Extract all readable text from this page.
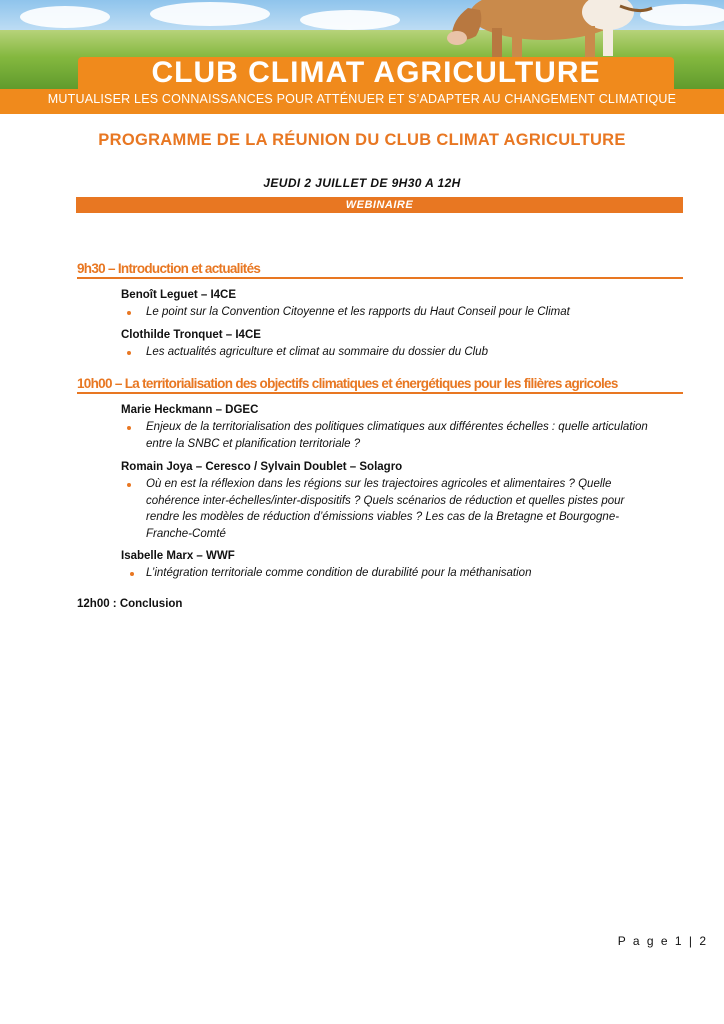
CLUB CLIMAT AGRICULTURE
MUTUALISER LES CONNAISSANCES POUR ATTÉNUER ET S’ADAPTER AU CHANGEMENT CLIMATIQUE
PROGRAMME DE LA RÉUNION DU CLUB CLIMAT AGRICULTURE
JEUDI 2 JUILLET DE 9H30 A 12H
WEBINAIRE
9h30 – Introduction et actualités
Benoît Leguet – I4CE
Le point sur la Convention Citoyenne et les rapports du Haut Conseil pour le Climat
Clothilde Tronquet – I4CE
Les actualités agriculture et climat au sommaire du dossier du Club
10h00 – La territorialisation des objectifs climatiques et énergétiques pour les filières agricoles
Marie Heckmann – DGEC
Enjeux de la territorialisation des politiques climatiques aux différentes échelles : quelle articulation entre la SNBC et planification territoriale ?
Romain Joya – Ceresco / Sylvain Doublet – Solagro
Où en est la réflexion dans les régions sur les trajectoires agricoles et alimentaires ? Quelle cohérence inter-échelles/inter-dispositifs ? Quels scénarios de réduction et quelles pistes pour rendre les modèles de réduction d’émissions viables ? Les cas de la Bretagne et Bourgogne-Franche-Comté
Isabelle Marx – WWF
L’intégration territoriale comme condition de durabilité pour la méthanisation
12h00 : Conclusion
P a g e 1 | 2
